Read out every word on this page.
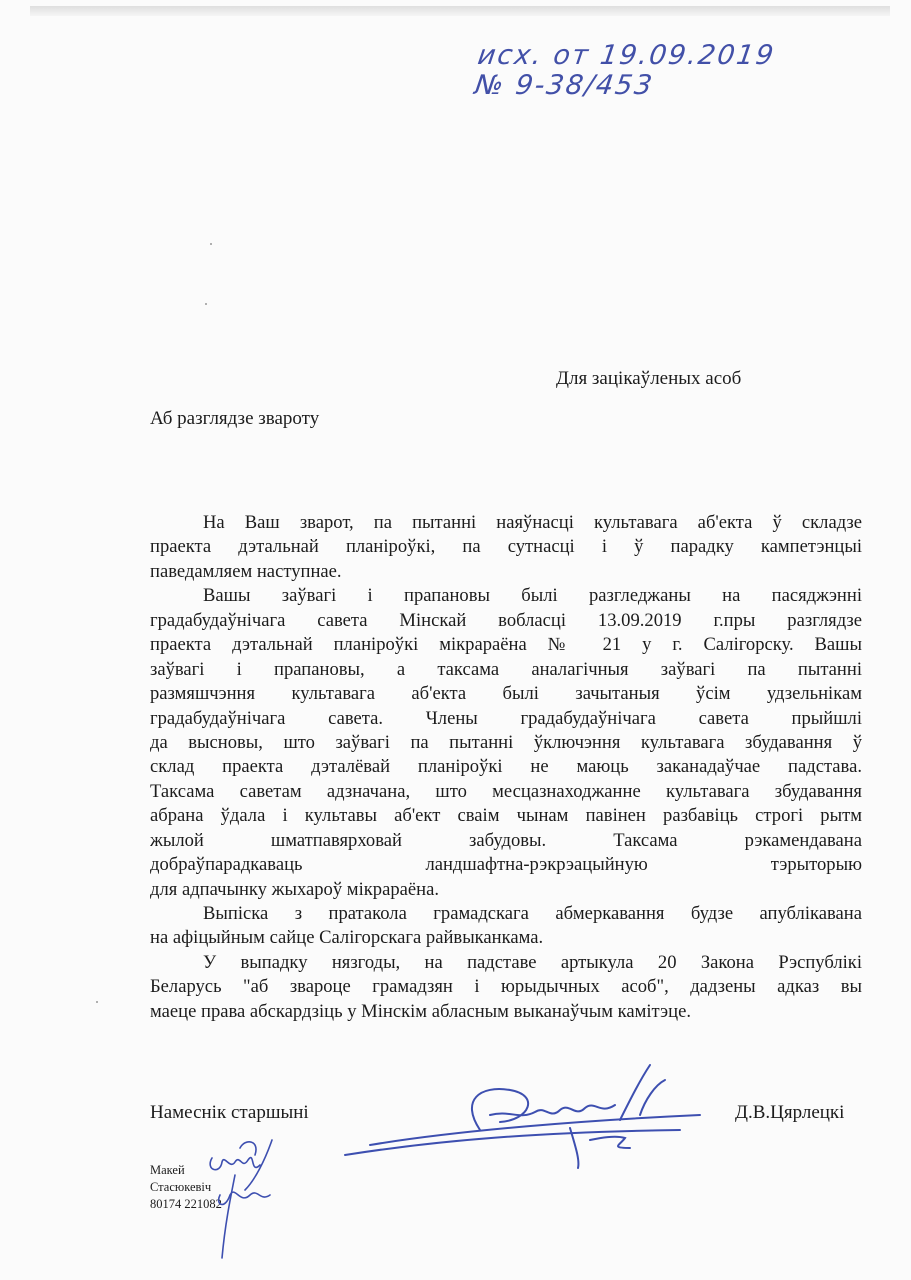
исх. от 19.09.2019
№ 9-38/453
Для зацікаўленых асоб
Аб разглядзе звароту
На Ваш зварот, па пытанні наяўнасці культавага аб'екта ў складзе
праекта дэтальнай планіроўкі, па сутнасці і ў парадку кампетэнцыі
паведамляем наступнае.
Вашы заўвагі і прапановы былі разгледжаны на пасяджэнні
градабудаўнічага савета Мінскай вобласці 13.09.2019 г.пры разглядзе
праекта дэтальнай планіроўкі мікрараёна № 21 у г. Салігорску. Вашы
заўвагі і прапановы, а таксама аналагічныя заўвагі па пытанні
размяшчэння культавага аб'екта былі зачытаныя ўсім удзельнікам
градабудаўнічага савета. Члены градабудаўнічага савета прыйшлі
да высновы, што заўвагі па пытанні ўключэння культавага збудавання ў
склад праекта дэталёвай планіроўкі не маюць заканадаўчае падстава.
Таксама саветам адзначана, што месцазнаходжанне культавага збудавання
абрана ўдала і культавы аб'ект сваім чынам павінен разбавіць строгі рытм
жылой шматпавярховай забудовы. Таксама рэкамендавана
добраўпарадкаваць ландшафтна-рэкрэацыйную тэрыторыю
для адпачынку жыхароў мікрараёна.
Выпіска з пратакола грамадскага абмеркавання будзе апублікавана
на афіцыйным сайце Салігорскага райвыканкама.
У выпадку нязгоды, на падставе артыкула 20 Закона Рэспублікі
Беларусь "аб звароце грамадзян і юрыдычных асоб", дадзены адказ вы
маеце права абскардзіць у Мінскім абласным выканаўчым камітэце.
Намеснік старшыні	Д.В.Цярлецкі
Макей
Стасюкевіч
80174 221082
